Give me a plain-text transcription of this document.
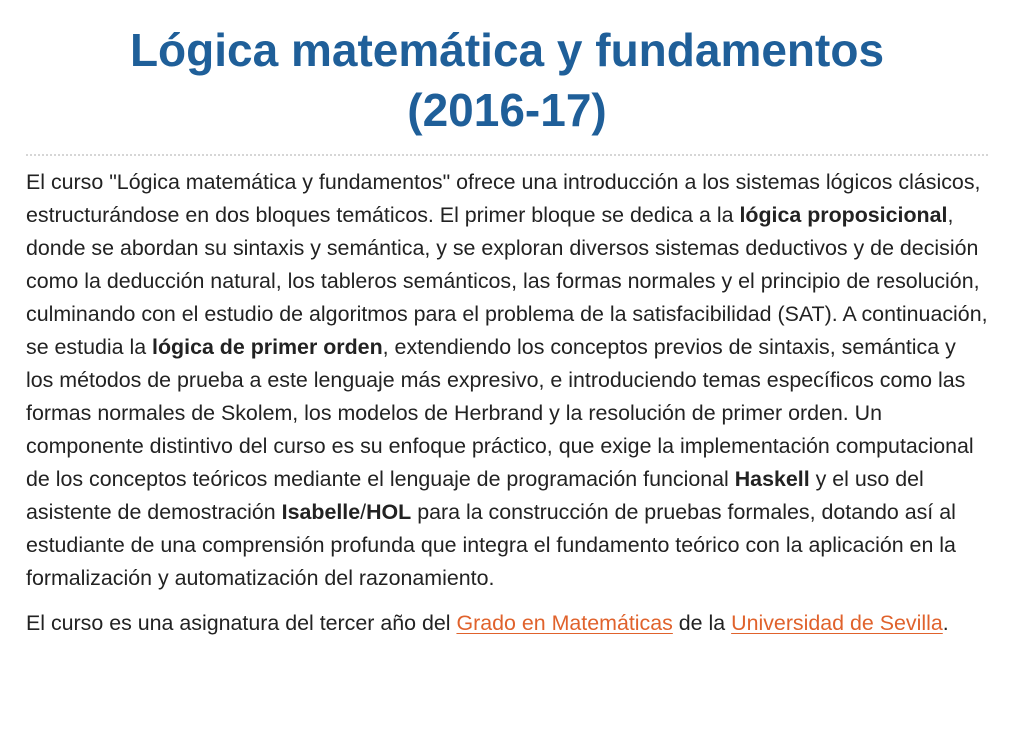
Lógica matemática y fundamentos
(2016-17)

El curso "Lógica matemática y fundamentos" ofrece una introducción a los sistemas lógicos clásicos, estructurándose en dos bloques temáticos. El primer bloque se dedica a la lógica proposicional, donde se abordan su sintaxis y semántica, y se exploran diversos sistemas deductivos y de decisión como la deducción natural, los tableros semánticos, las formas normales y el principio de resolución, culminando con el estudio de algoritmos para el problema de la satisfacibilidad (SAT). A continuación, se estudia la lógica de primer orden, extendiendo los conceptos previos de sintaxis, semántica y los métodos de prueba a este lenguaje más expresivo, e introduciendo temas específicos como las formas normales de Skolem, los modelos de Herbrand y la resolución de primer orden. Un componente distintivo del curso es su enfoque práctico, que exige la implementación computacional de los conceptos teóricos mediante el lenguaje de programación funcional Haskell y el uso del asistente de demostración Isabelle/HOL para la construcción de pruebas formales, dotando así al estudiante de una comprensión profunda que integra el fundamento teórico con la aplicación en la formalización y automatización del razonamiento.

El curso es una asignatura del tercer año del Grado en Matemáticas de la Universidad de Sevilla.
